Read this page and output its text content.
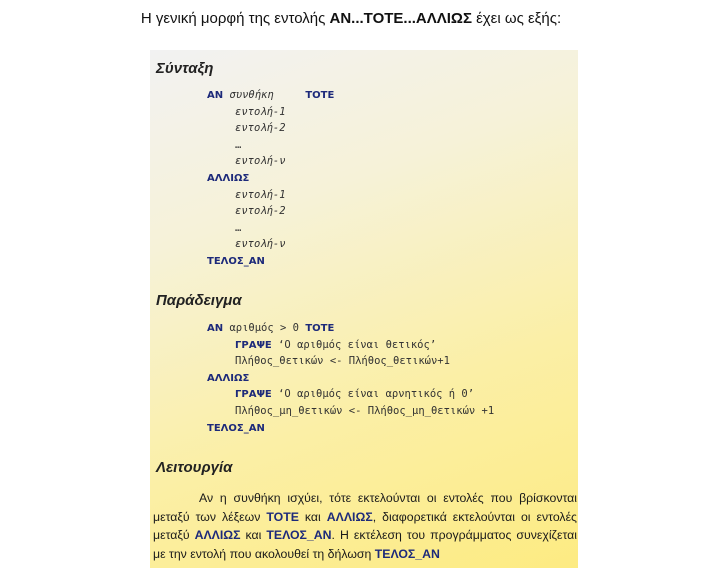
Η γενική μορφή της εντολής ΑΝ...ΤΟΤΕ...ΑΛΛΙΩΣ έχει ως εξής:
Σύνταξη
ΑΝ συνθήκη	ΤΟΤΕ
εντολή-1
εντολή-2
…
εντολή-ν
ΑΛΛΙΩΣ
εντολή-1
εντολή-2
…
εντολή-ν
ΤΕΛΟΣ_ΑΝ
Παράδειγμα
ΑΝ αριθμός > 0 ΤΟΤΕ
ΓΡΑΨΕ ‘Ο αριθμός είναι θετικός’
Πλήθος_θετικών <- Πλήθος_θετικών+1
ΑΛΛΙΩΣ
ΓΡΑΨΕ ‘Ο αριθμός είναι αρνητικός ή 0’
Πλήθος_μη_θετικών <- Πλήθος_μη_θετικών +1
ΤΕΛΟΣ_ΑΝ
Λειτουργία
Αν η συνθήκη ισχύει, τότε εκτελούνται οι εντολές που βρίσκονται μεταξύ των λέξεων ΤΟΤΕ και ΑΛΛΙΩΣ, διαφορετικά εκτελούνται οι εντολές μεταξύ ΑΛΛΙΩΣ και ΤΕΛΟΣ_ΑΝ. Η εκτέλεση του προγράμματος συνεχίζεται με την εντολή που ακολουθεί τη δήλωση ΤΕΛΟΣ_ΑΝ
